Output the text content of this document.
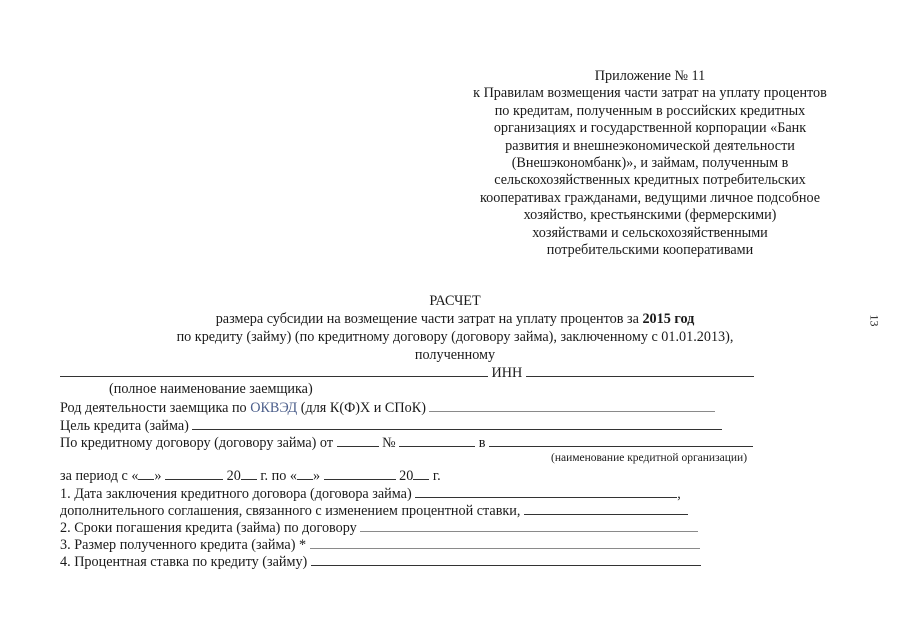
Приложение № 11
к Правилам возмещения части затрат на уплату процентов
по кредитам, полученным в российских кредитных
организациях и государственной корпорации «Банк
развития и внешнеэкономической деятельности
(Внешэкономбанк)», и займам, полученным в
сельскохозяйственных кредитных потребительских
кооперативах гражданами, ведущими личное подсобное
хозяйство, крестьянскими (фермерскими)
хозяйствами и сельскохозяйственными
потребительскими кооперативами
13
РАСЧЕТ
размера субсидии на возмещение части затрат на уплату процентов за 2015 год
по кредиту (займу) (по кредитному договору (договору займа), заключенному с 01.01.2013),
полученному
ИНН
(полное наименование заемщика)
Род деятельности заемщика по ОКВЭД (для К(Ф)Х и СПоК)
Цель кредита (займа)
По кредитному договору (договору займа) от	№	в
(наименование кредитной организации)
за период с « »	20 г. по « »	20 г.
1. Дата заключения кредитного договора (договора займа)	,
дополнительного соглашения, связанного с изменением процентной ставки,
2. Сроки погашения кредита (займа) по договору
3. Размер полученного кредита (займа) *
4. Процентная ставка по кредиту (займу)
